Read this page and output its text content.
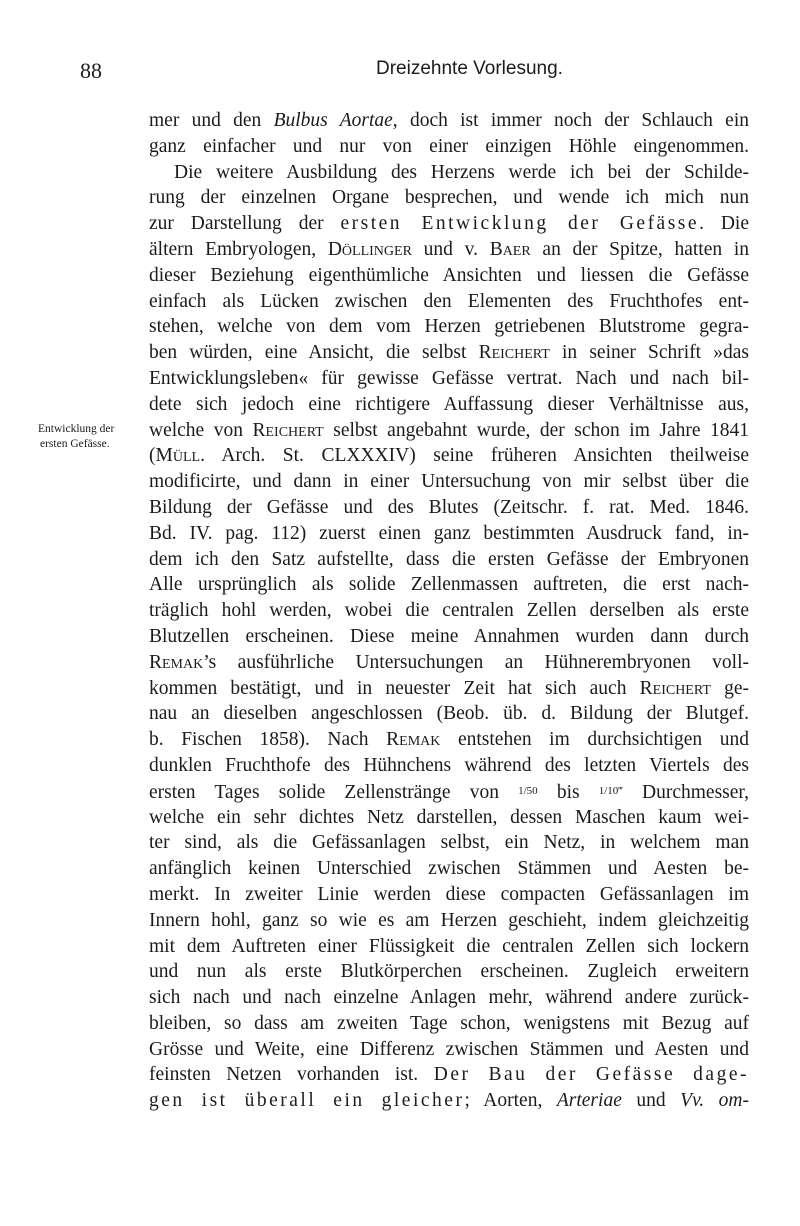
88	Dreizehnte Vorlesung.
Entwicklung der
ersten Gefässe.
mer und den Bulbus Aortae, doch ist immer noch der Schlauch ein
ganz einfacher und nur von einer einzigen Höhle eingenommen.
Die weitere Ausbildung des Herzens werde ich bei der Schilde-
rung der einzelnen Organe besprechen, und wende ich mich nun
zur Darstellung der ersten Entwicklung der Gefässe. Die
ältern Embryologen, Döllinger und v. Baer an der Spitze, hatten in
dieser Beziehung eigenthümliche Ansichten und liessen die Gefässe
einfach als Lücken zwischen den Elementen des Fruchthofes ent-
stehen, welche von dem vom Herzen getriebenen Blutstrome gegra-
ben würden, eine Ansicht, die selbst Reichert in seiner Schrift »das
Entwicklungsleben« für gewisse Gefässe vertrat. Nach und nach bil-
dete sich jedoch eine richtigere Auffassung dieser Verhältnisse aus,
welche von Reichert selbst angebahnt wurde, der schon im Jahre 1841
(Müll. Arch. St. CLXXXIV) seine früheren Ansichten theilweise
modificirte, und dann in einer Untersuchung von mir selbst über die
Bildung der Gefässe und des Blutes (Zeitschr. f. rat. Med. 1846.
Bd. IV. pag. 112) zuerst einen ganz bestimmten Ausdruck fand, in-
dem ich den Satz aufstellte, dass die ersten Gefässe der Embryonen
Alle ursprünglich als solide Zellenmassen auftreten, die erst nach-
träglich hohl werden, wobei die centralen Zellen derselben als erste
Blutzellen erscheinen. Diese meine Annahmen wurden dann durch
Remak’s ausführliche Untersuchungen an Hühnerembryonen voll-
kommen bestätigt, und in neuester Zeit hat sich auch Reichert ge-
nau an dieselben angeschlossen (Beob. üb. d. Bildung der Blutgef.
b. Fischen 1858). Nach Remak entstehen im durchsichtigen und
dunklen Fruchthofe des Hühnchens während des letzten Viertels des
ersten Tages solide Zellenstränge von $^{1/50}$ bis $^{1/10‴}$ Durchmesser,
welche ein sehr dichtes Netz darstellen, dessen Maschen kaum wei-
ter sind, als die Gefässanlagen selbst, ein Netz, in welchem man
anfänglich keinen Unterschied zwischen Stämmen und Aesten be-
merkt. In zweiter Linie werden diese compacten Gefässanlagen im
Innern hohl, ganz so wie es am Herzen geschieht, indem gleichzeitig
mit dem Auftreten einer Flüssigkeit die centralen Zellen sich lockern
und nun als erste Blutkörperchen erscheinen. Zugleich erweitern
sich nach und nach einzelne Anlagen mehr, während andere zurück-
bleiben, so dass am zweiten Tage schon, wenigstens mit Bezug auf
Grösse und Weite, eine Differenz zwischen Stämmen und Aesten und
feinsten Netzen vorhanden ist. Der Bau der Gefässe dage-
gen ist überall ein gleicher; Aorten, Arteriae und Vv. om-
